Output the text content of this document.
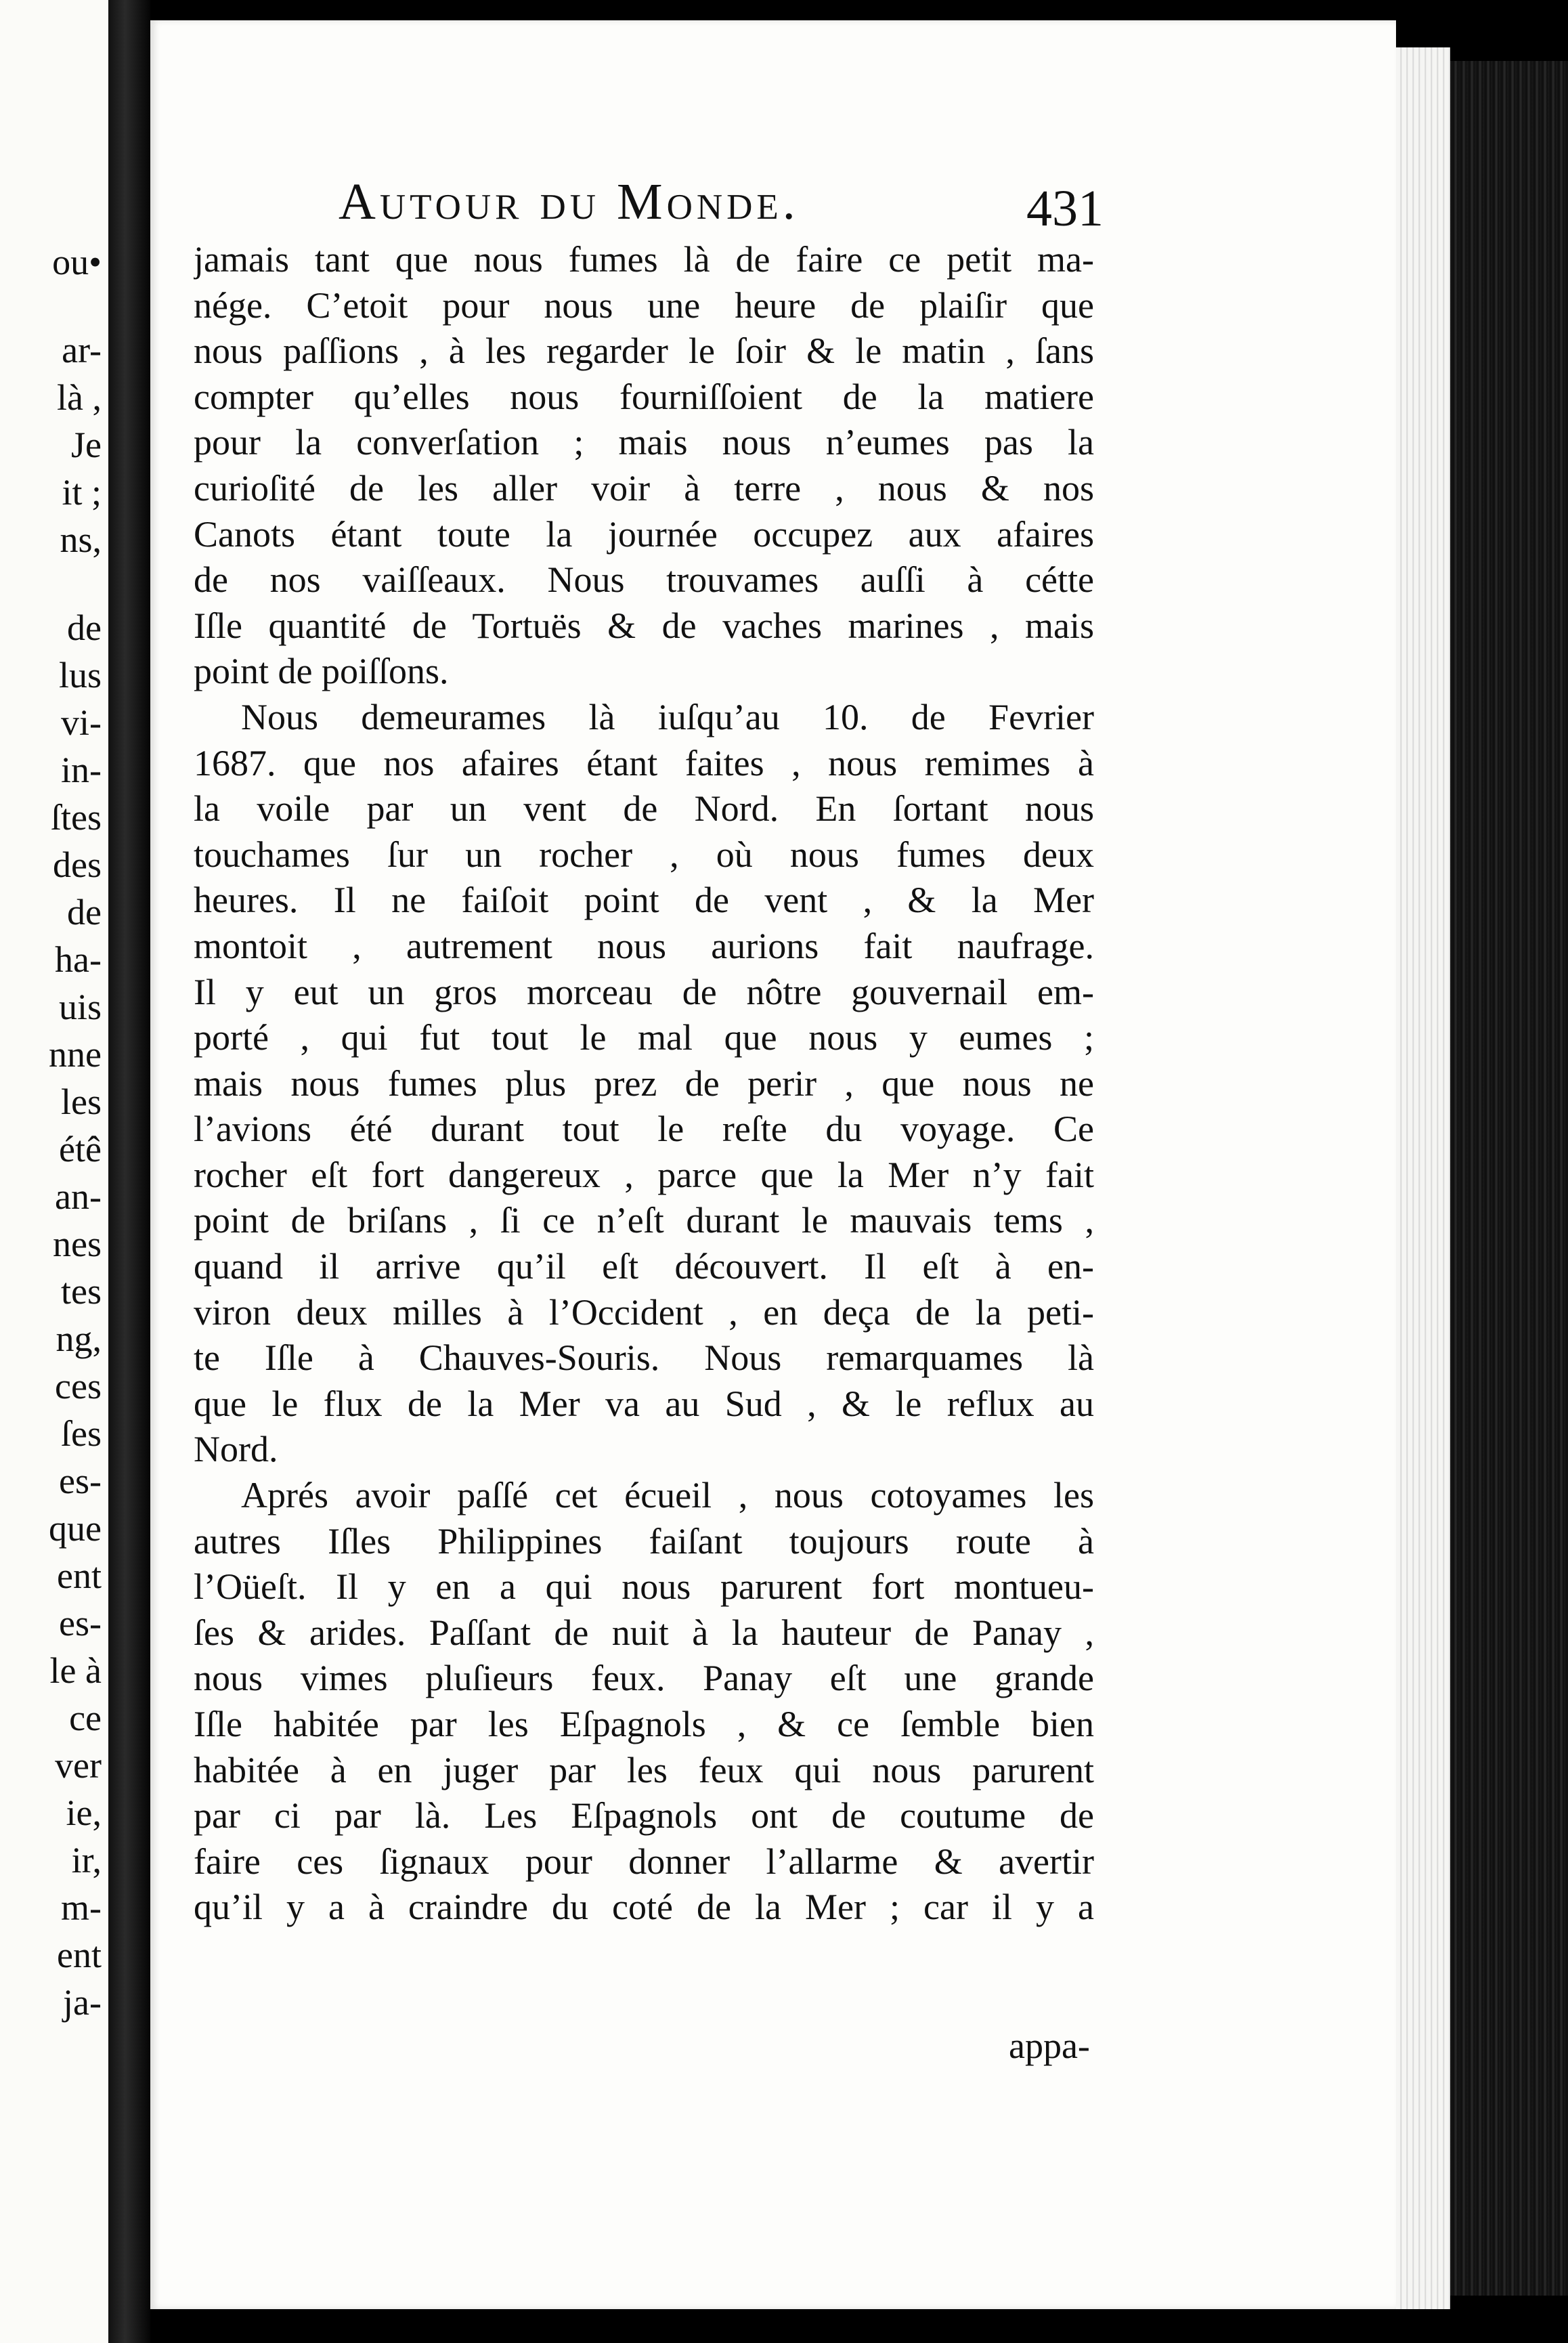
ou•
ar-
là ,
Je
it ;
ns,
de
lus
vi-
in-
ſtes
des
de
ha-
uis
nne
les
étê
an-
nes
tes
ng,
ces
ſes
es-
que
ent
es-
le à
ce
ver
ie,
ir,
m-
ent
ja-
Autour du Monde.	431
jamais tant que nous fumes là de faire ce petit ma-
nége. C’etoit pour nous une heure de plaiſir que
nous paſſions , à les regarder le ſoir & le matin , ſans
compter qu’elles nous fourniſſoient de la matiere
pour la converſation ; mais nous n’eumes pas la
curioſité de les aller voir à terre , nous & nos
Canots étant toute la journée occupez aux afaires
de nos vaiſſeaux. Nous trouvames auſſi à cétte
Iſle quantité de Tortuës & de vaches marines , mais
point de poiſſons.
Nous demeurames là iuſqu’au 10. de Fevrier
1687. que nos afaires étant faites , nous remimes à
la voile par un vent de Nord. En ſortant nous
touchames ſur un rocher , où nous fumes deux
heures. Il ne faiſoit point de vent , & la Mer
montoit , autrement nous aurions fait naufrage.
Il y eut un gros morceau de nôtre gouvernail em-
porté , qui fut tout le mal que nous y eumes ;
mais nous fumes plus prez de perir , que nous ne
l’avions été durant tout le reſte du voyage. Ce
rocher eſt fort dangereux , parce que la Mer n’y fait
point de briſans , ſi ce n’eſt durant le mauvais tems ,
quand il arrive qu’il eſt découvert. Il eſt à en-
viron deux milles à l’Occident , en deça de la peti-
te Iſle à Chauves-Souris. Nous remarquames là
que le flux de la Mer va au Sud , & le reflux au
Nord.
Aprés avoir paſſé cet écueil , nous cotoyames les
autres Iſles Philippines faiſant toujours route à
l’Oüeſt. Il y en a qui nous parurent fort montueu-
ſes & arides. Paſſant de nuit à la hauteur de Panay ,
nous vimes pluſieurs feux. Panay eſt une grande
Iſle habitée par les Eſpagnols , & ce ſemble bien
habitée à en juger par les feux qui nous parurent
par ci par là. Les Eſpagnols ont de coutume de
faire ces ſignaux pour donner l’allarme & avertir
qu’il y a à craindre du coté de la Mer ; car il y a
appa-
